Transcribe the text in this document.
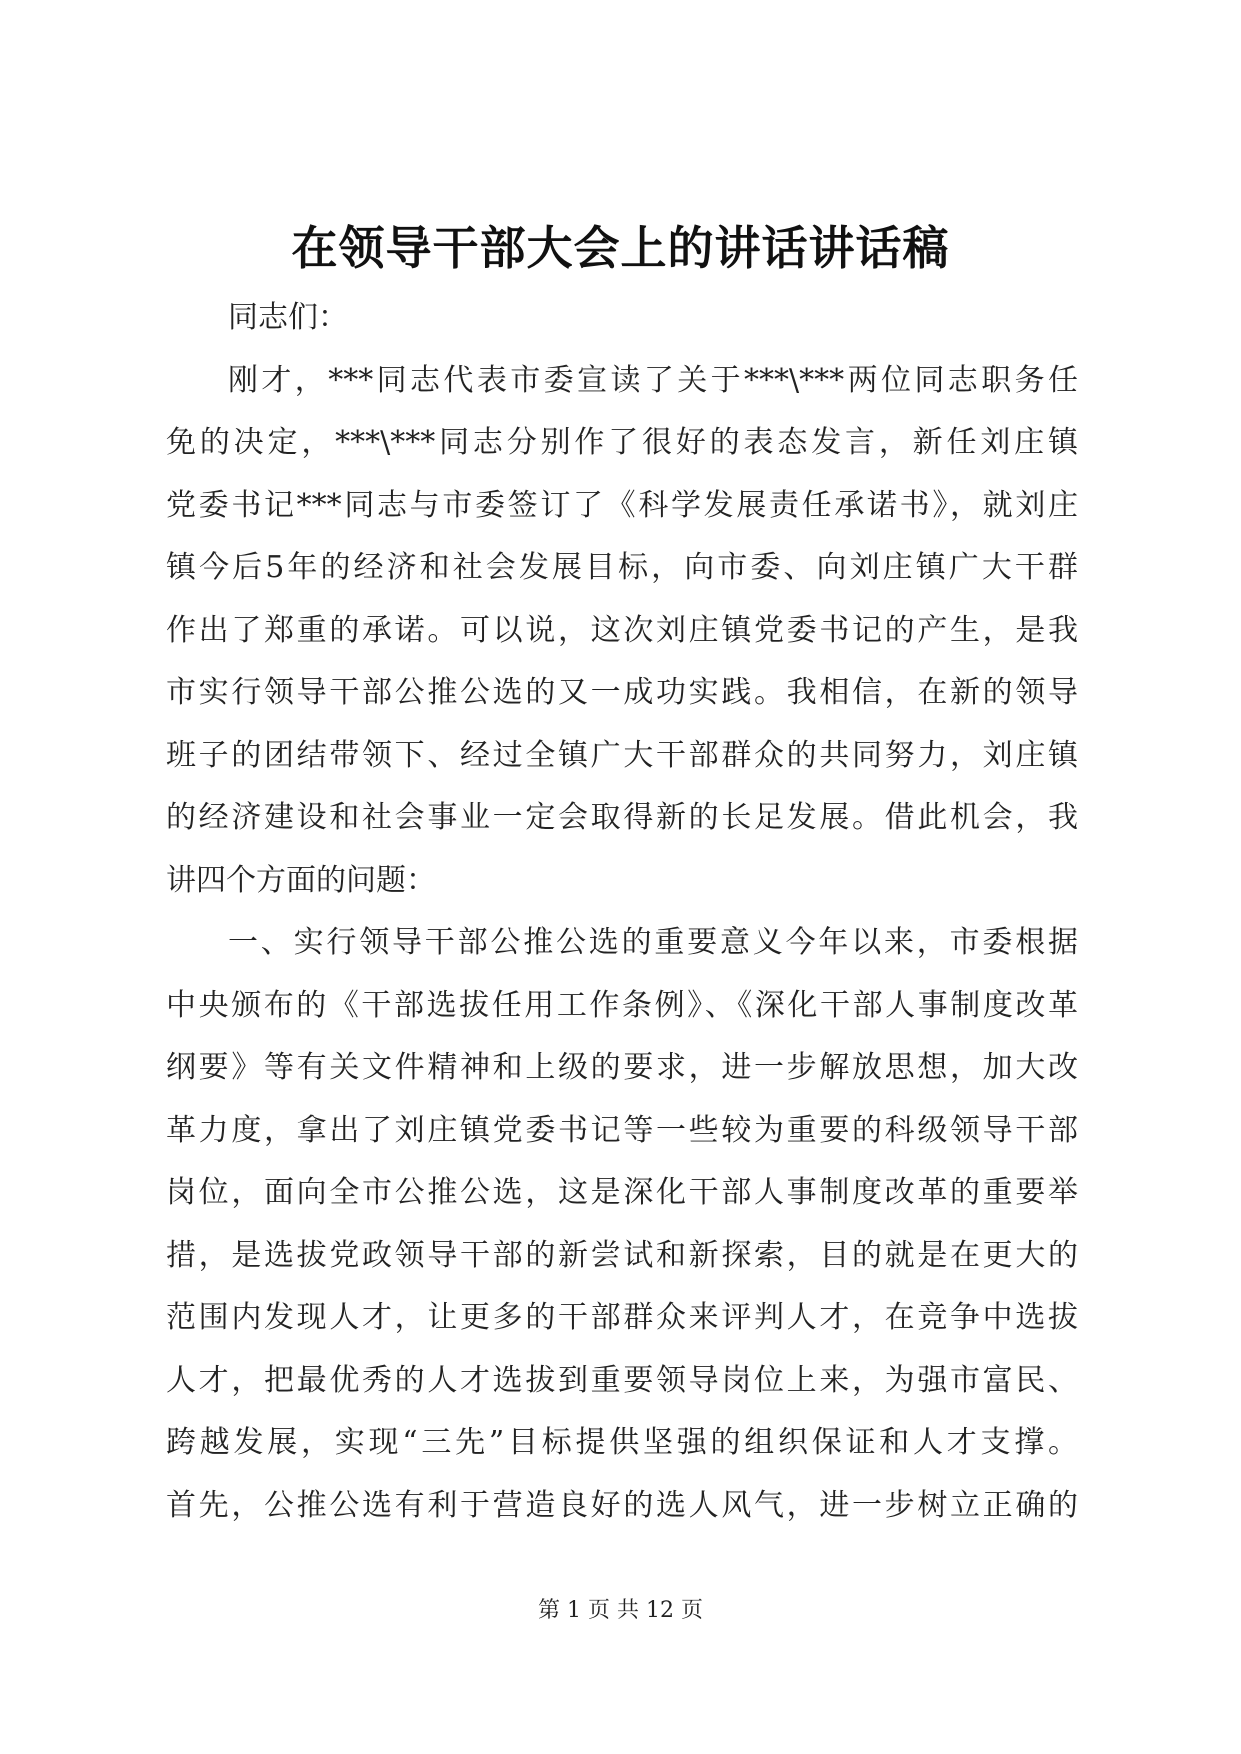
在领导干部大会上的讲话讲话稿
同志们：
刚才，***同志代表市委宣读了关于***\***两位同志职务任
免的决定，***\***同志分别作了很好的表态发言，新任刘庄镇
党委书记***同志与市委签订了《科学发展责任承诺书》，就刘庄
镇今后5年的经济和社会发展目标，向市委、向刘庄镇广大干群
作出了郑重的承诺。可以说，这次刘庄镇党委书记的产生，是我
市实行领导干部公推公选的又一成功实践。我相信，在新的领导
班子的团结带领下、经过全镇广大干部群众的共同努力，刘庄镇
的经济建设和社会事业一定会取得新的长足发展。借此机会，我
讲四个方面的问题：
一、实行领导干部公推公选的重要意义今年以来，市委根据
中央颁布的《干部选拔任用工作条例》、《深化干部人事制度改革
纲要》等有关文件精神和上级的要求，进一步解放思想，加大改
革力度，拿出了刘庄镇党委书记等一些较为重要的科级领导干部
岗位，面向全市公推公选，这是深化干部人事制度改革的重要举
措，是选拔党政领导干部的新尝试和新探索，目的就是在更大的
范围内发现人才，让更多的干部群众来评判人才，在竞争中选拔
人才，把最优秀的人才选拔到重要领导岗位上来，为强市富民、
跨越发展，实现“三先”目标提供坚强的组织保证和人才支撑。
首先，公推公选有利于营造良好的选人风气，进一步树立正确的
第 1 页 共 12 页
